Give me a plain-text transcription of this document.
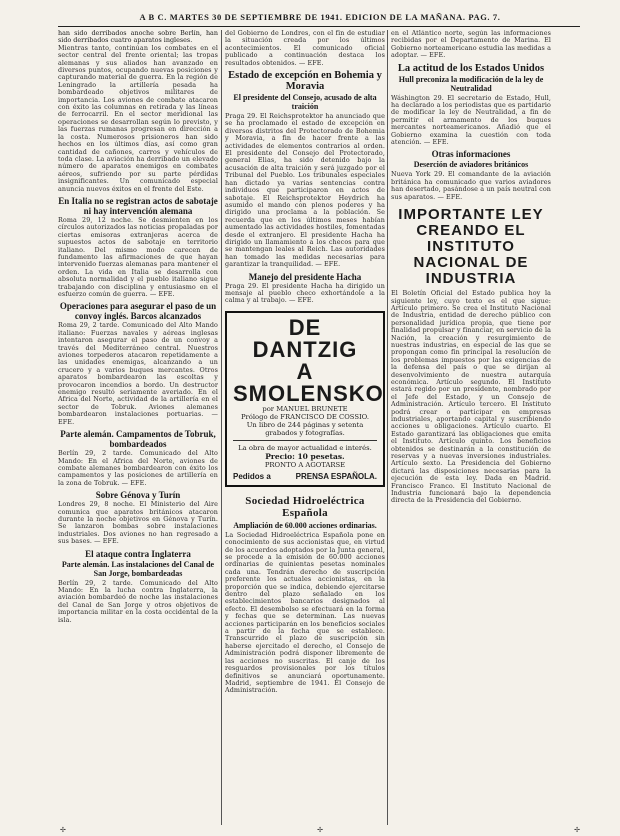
A B C. MARTES 30 DE SEPTIEMBRE DE 1941. EDICION DE LA MAÑANA. PAG. 7.

han sido derribados anoche sobre Berlín, han sido derribados cuatro aparatos ingleses.

Mientras tanto, continúan los combates en el sector central del frente oriental; las tropas alemanas y sus aliados han avanzado en diversos puntos, ocupando nuevas posiciones y capturando material de guerra. En la región de Leningrado la artillería pesada ha bombardeado objetivos militares de importancia. Los aviones de combate atacaron con éxito las columnas en retirada y las líneas de ferrocarril. En el sector meridional las operaciones se desarrollan según lo previsto, y las fuerzas rumanas progresan en dirección a la costa. Numerosos prisioneros han sido hechos en los últimos días, así como gran cantidad de cañones, carros y vehículos de toda clase. La aviación ha derribado un elevado número de aparatos enemigos en combates aéreos, sufriendo por su parte pérdidas insignificantes. Un comunicado especial anuncia nuevos éxitos en el frente del Este.

En Italia no se registran actos de sabotaje ni hay intervención alemana

Roma 29, 12 noche. Se desmienten en los círculos autorizados las noticias propaladas por ciertas emisoras extranjeras acerca de supuestos actos de sabotaje en territorio italiano. Del mismo modo carecen de fundamento las afirmaciones de que hayan intervenido fuerzas alemanas para mantener el orden. La vida en Italia se desarrolla con absoluta normalidad y el pueblo italiano sigue trabajando con disciplina y entusiasmo en el esfuerzo común de guerra. — EFE.

Operaciones para asegurar el paso de un convoy inglés. Barcos alcanzados

Roma 29, 2 tarde. Comunicado del Alto Mando italiano: Fuerzas navales y aéreas inglesas intentaron asegurar el paso de un convoy a través del Mediterráneo central. Nuestros aviones torpederos atacaron repetidamente a las unidades enemigas, alcanzando a un crucero y a varios buques mercantes. Otros aparatos bombardearon las escoltas y provocaron incendios a bordo. Un destructor enemigo resultó seriamente averiado. En el Africa del Norte, actividad de la artillería en el sector de Tobruk. Aviones alemanes bombardearon instalaciones portuarias. — EFE.

Parte alemán. Campamentos de Tobruk, bombardeados

Berlín 29, 2 tarde. Comunicado del Alto Mando: En el Africa del Norte, aviones de combate alemanes bombardearon con éxito los campamentos y las posiciones de artillería en la zona de Tobruk. — EFE.

Sobre Génova y Turín

Londres 29, 8 noche. El Ministerio del Aire comunica que aparatos británicos atacaron durante la noche objetivos en Génova y Turín. Se lanzaron bombas sobre instalaciones industriales. Dos aviones no han regresado a sus bases. — EFE.

El ataque contra Inglaterra
Parte alemán. Las instalaciones del Canal de San Jorge, bombardeadas

Berlín 29, 2 tarde. Comunicado del Alto Mando: En la lucha contra Inglaterra, la aviación bombardeó de noche las instalaciones del Canal de San Jorge y otros objetivos de importancia militar en la costa occidental de la isla.

del Gobierno de Londres, con el fin de estudiar la situación creada por los últimos acontecimientos. El comunicado oficial publicado a continuación destaca los resultados obtenidos. — EFE.

Estado de excepción en Bohemia y Moravia
El presidente del Consejo, acusado de alta traición

Praga 29. El Reichsprotektor ha anunciado que se ha proclamado el estado de excepción en diversos distritos del Protectorado de Bohemia y Moravia, a fin de hacer frente a las actividades de elementos contrarios al orden. El presidente del Consejo del Protectorado, general Elias, ha sido detenido bajo la acusación de alta traición y será juzgado por el Tribunal del Pueblo. Los tribunales especiales han dictado ya varias sentencias contra individuos que participaron en actos de sabotaje. El Reichsprotektor Heydrich ha asumido el mando con plenos poderes y ha dirigido una proclama a la población. Se recuerda que en los últimos meses habían aumentado las actividades hostiles, fomentadas desde el extranjero. El presidente Hacha ha dirigido un llamamiento a los checos para que se mantengan leales al Reich. Las autoridades han tomado las medidas necesarias para garantizar la tranquilidad. — EFE.

Manejo del presidente Hacha

Praga 29. El presidente Hacha ha dirigido un mensaje al pueblo checo exhortándole a la calma y al trabajo. — EFE.

DE DANTZIG
A SMOLENSKO
por MANUEL BRUNETE
Prólogo de FRANCISCO DE COSSIO.
Un libro de 244 páginas y setenta grabados y fotografías.
La obra de mayor actualidad e interés.
Precio: 10 pesetas.
PRONTO A AGOTARSE
Pedidos a	PRENSA ESPAÑOLA.
Sociedad Hidroeléctrica Española
Ampliación de 60.000 acciones ordinarias.

La Sociedad Hidroeléctrica Española pone en conocimiento de sus accionistas que, en virtud de los acuerdos adoptados por la Junta general, se procede a la emisión de 60.000 acciones ordinarias de quinientas pesetas nominales cada una. Tendrán derecho de suscripción preferente los actuales accionistas, en la proporción que se indica, debiendo ejercitarse dentro del plazo señalado en los establecimientos bancarios designados al efecto. El desembolso se efectuará en la forma y fechas que se determinan. Las nuevas acciones participarán en los beneficios sociales a partir de la fecha que se establece. Transcurrido el plazo de suscripción sin haberse ejercitado el derecho, el Consejo de Administración podrá disponer libremente de las acciones no suscritas. El canje de los resguardos provisionales por los títulos definitivos se anunciará oportunamente. Madrid, septiembre de 1941. El Consejo de Administración.

en el Atlántico norte, según las informaciones recibidas por el Departamento de Marina. El Gobierno norteamericano estudia las medidas a adoptar. — EFE.

La actitud de los Estados Unidos
Hull preconiza la modificación de la ley de Neutralidad

Wáshington 29. El secretario de Estado, Hull, ha declarado a los periodistas que es partidario de modificar la ley de Neutralidad, a fin de permitir el armamento de los buques mercantes norteamericanos. Añadió que el Gobierno examina la cuestión con toda atención. — EFE.

Otras informaciones
Deserción de aviadores británicos

Nueva York 29. El comandante de la aviación británica ha comunicado que varios aviadores han desertado, pasándose a un país neutral con sus aparatos. — EFE.

IMPORTANTE LEY CREANDO EL INSTITUTO NACIONAL DE INDUSTRIA

El Boletín Oficial del Estado publica hoy la siguiente ley, cuyo texto es el que sigue: Artículo primero. Se crea el Instituto Nacional de Industria, entidad de derecho público con personalidad jurídica propia, que tiene por finalidad propulsar y financiar, en servicio de la Nación, la creación y resurgimiento de nuestras industrias, en especial de las que se propongan como fin principal la resolución de los problemas impuestos por las exigencias de la defensa del país o que se dirijan al desenvolvimiento de nuestra autarquía económica. Artículo segundo. El Instituto estará regido por un presidente, nombrado por el Jefe del Estado, y un Consejo de Administración. Artículo tercero. El Instituto podrá crear o participar en empresas industriales, aportando capital y suscribiendo acciones u obligaciones. Artículo cuarto. El Estado garantizará las obligaciones que emita el Instituto. Artículo quinto. Los beneficios obtenidos se destinarán a la constitución de reservas y a nuevas inversiones industriales. Artículo sexto. La Presidencia del Gobierno dictará las disposiciones necesarias para la ejecución de esta ley. Dada en Madrid. Francisco Franco. El Instituto Nacional de Industria funcionará bajo la dependencia directa de la Presidencia del Gobierno.

✢	✢	✢
